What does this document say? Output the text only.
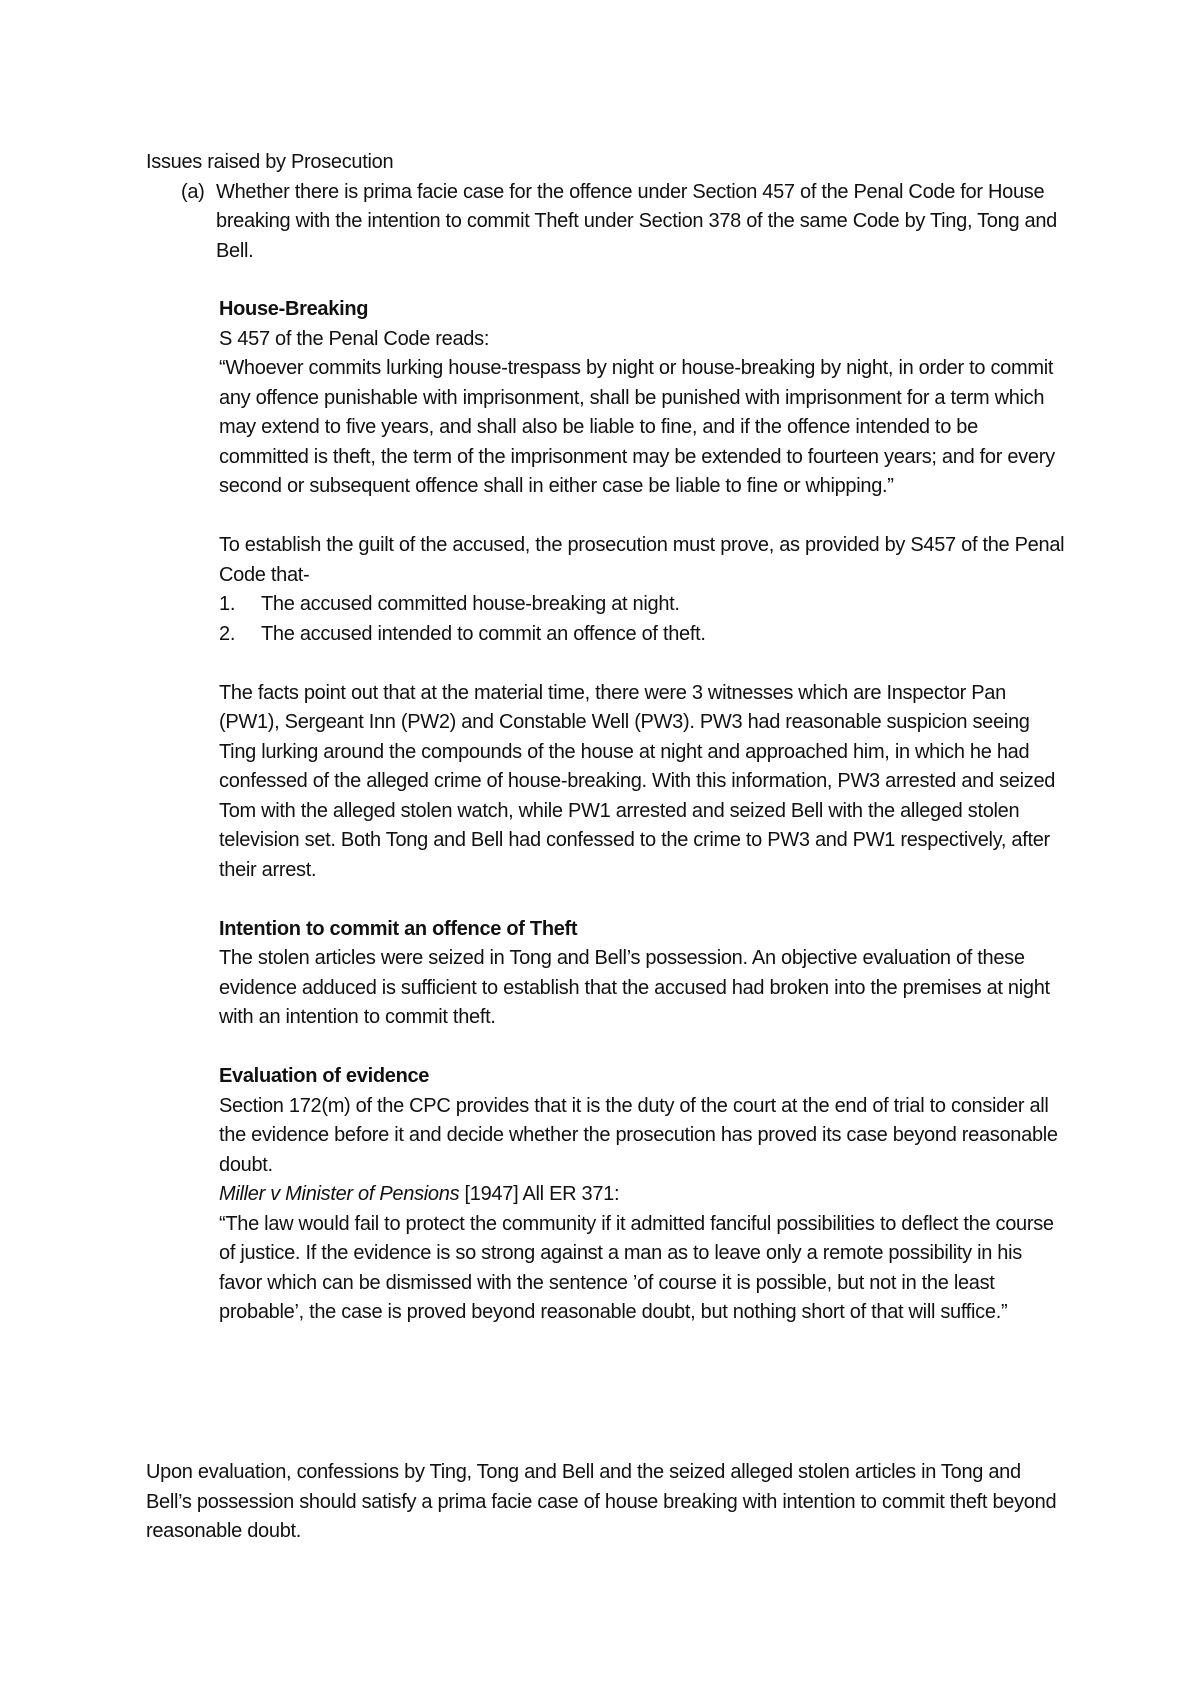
Issues raised by Prosecution

(a) Whether there is prima facie case for the offence under Section 457 of the Penal Code for House breaking with the intention to commit Theft under Section 378 of the same Code by Ting, Tong and Bell.

House-Breaking

S 457 of the Penal Code reads:

“Whoever commits lurking house-trespass by night or house-breaking by night, in order to commit any offence punishable with imprisonment, shall be punished with imprisonment for a term which may extend to five years, and shall also be liable to fine, and if the offence intended to be committed is theft, the term of the imprisonment may be extended to fourteen years; and for every second or subsequent offence shall in either case be liable to fine or whipping.”

To establish the guilt of the accused, the prosecution must prove, as provided by S457 of the Penal Code that-

1.	The accused committed house-breaking at night.
2.	The accused intended to commit an offence of theft.

The facts point out that at the material time, there were 3 witnesses which are Inspector Pan (PW1), Sergeant Inn (PW2) and Constable Well (PW3). PW3 had reasonable suspicion seeing Ting lurking around the compounds of the house at night and approached him, in which he had confessed of the alleged crime of house-breaking. With this information, PW3 arrested and seized Tom with the alleged stolen watch, while PW1 arrested and seized Bell with the alleged stolen television set. Both Tong and Bell had confessed to the crime to PW3 and PW1 respectively, after their arrest.

Intention to commit an offence of Theft

The stolen articles were seized in Tong and Bell’s possession. An objective evaluation of these evidence adduced is sufficient to establish that the accused had broken into the premises at night with an intention to commit theft.

Evaluation of evidence

Section 172(m) of the CPC provides that it is the duty of the court at the end of trial to consider all the evidence before it and decide whether the prosecution has proved its case beyond reasonable doubt.

Miller v Minister of Pensions [1947] All ER 371:

“The law would fail to protect the community if it admitted fanciful possibilities to deflect the course of justice. If the evidence is so strong against a man as to leave only a remote possibility in his favor which can be dismissed with the sentence ’of course it is possible, but not in the least probable’, the case is proved beyond reasonable doubt, but nothing short of that will suffice.”

Upon evaluation, confessions by Ting, Tong and Bell and the seized alleged stolen articles in Tong and Bell’s possession should satisfy a prima facie case of house breaking with intention to commit theft beyond reasonable doubt.
